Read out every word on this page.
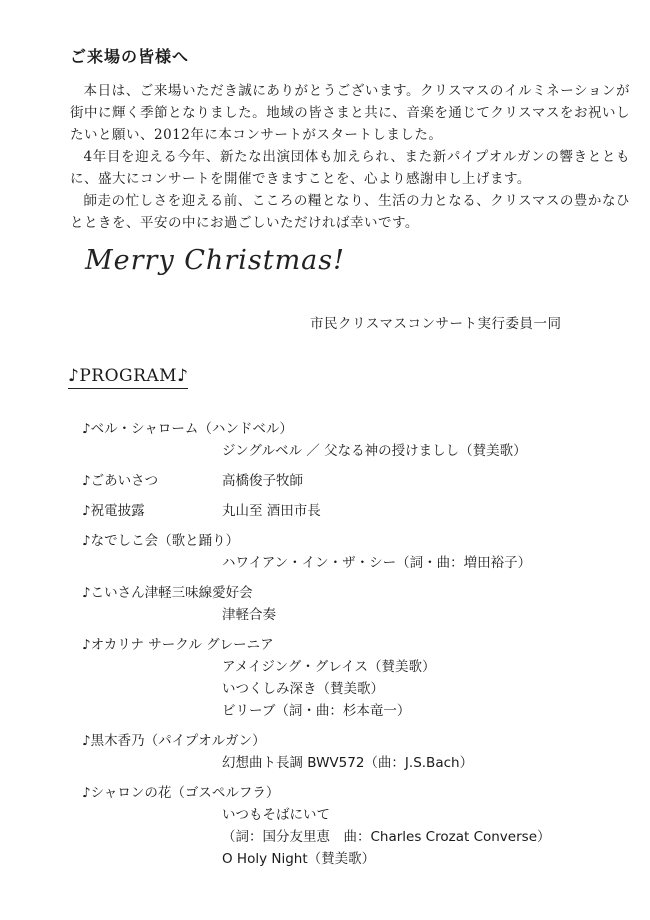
ご来場の皆様へ

本日は、ご来場いただき誠にありがとうございます。クリスマスのイルミネーションが街中に輝く季節となりました。地域の皆さまと共に、音楽を通じてクリスマスをお祝いしたいと願い、2012年に本コンサートがスタートしました。

4年目を迎える今年、新たな出演団体も加えられ、また新パイプオルガンの響きとともに、盛大にコンサートを開催できますことを、心より感謝申し上げます。

師走の忙しさを迎える前、こころの糧となり、生活の力となる、クリスマスの豊かなひとときを、平安の中にお過ごしいただければ幸いです。

Merry Christmas!
市民クリスマスコンサート実行委員一同
♪PROGRAM♪
♪ベル・シャローム（ハンドベル）
ジングルベル ／ 父なる神の授けましし（賛美歌）
♪ごあいさつ	高橋俊子牧師
♪祝電披露	丸山至 酒田市長
♪なでしこ会（歌と踊り）
ハワイアン・イン・ザ・シー（詞・曲：増田裕子）
♪こいさん津軽三味線愛好会
津軽合奏
♪オカリナ サークル グレーニア
アメイジング・グレイス（賛美歌）
いつくしみ深き（賛美歌）
ビリーブ（詞・曲：杉本竜一）
♪黒木香乃（パイプオルガン）
幻想曲ト長調 BWV572（曲：J.S.Bach）
♪シャロンの花（ゴスペルフラ）
いつもそばにいて
（詞：国分友里恵　曲：Charles Crozat Converse）
O Holy Night（賛美歌）
